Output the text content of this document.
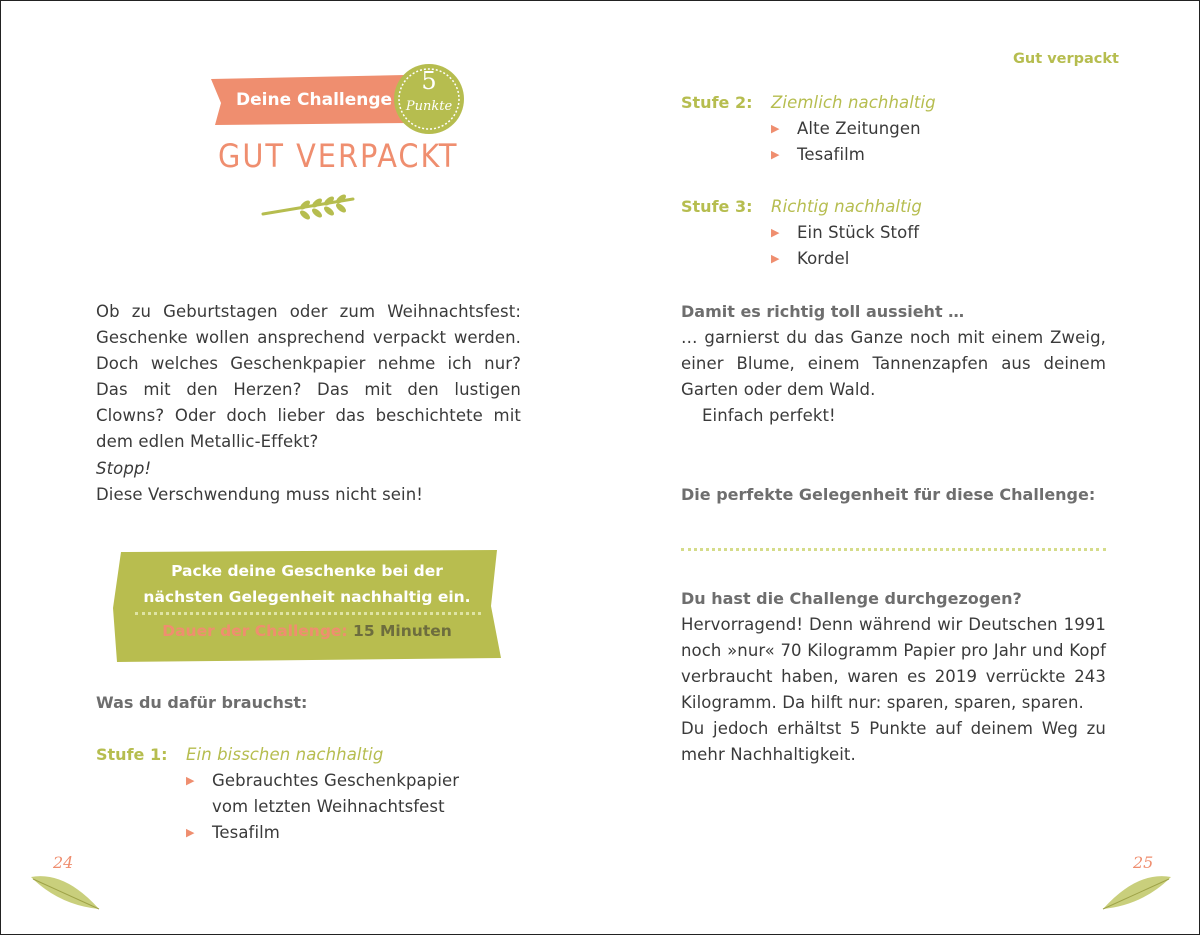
Gut verpackt
Deine Challenge
5
Punkte
GUT VERPACKT
Ob zu Geburtstagen oder zum Weihnachtsfest: Geschenke wollen ansprechend verpackt werden. Doch welches Geschenkpapier nehme ich nur? Das mit den Herzen? Das mit den lustigen Clowns? Oder doch lieber das beschichtete mit dem edlen Metallic-Effekt?
Stopp!
Diese Verschwendung muss nicht sein!
Packe deine Geschenke bei der
nächsten Gelegenheit nachhaltig ein.
Dauer der Challenge: 15 Minuten
Was du dafür brauchst:
Stufe 1: Ein bisschen nachhaltig
▶ Gebrauchtes Geschenkpapier
vom letzten Weihnachtsfest
▶ Tesafilm
Stufe 2: Ziemlich nachhaltig
▶ Alte Zeitungen
▶ Tesafilm
Stufe 3: Richtig nachhaltig
▶ Ein Stück Stoff
▶ Kordel
Damit es richtig toll aussieht …
… garnierst du das Ganze noch mit einem Zweig, einer Blume, einem Tannenzapfen aus deinem Garten oder dem Wald.
Einfach perfekt!
Die perfekte Gelegenheit für diese Challenge:
Du hast die Challenge durchgezogen?
Hervorragend! Denn während wir Deutschen 1991 noch »nur« 70 Kilogramm Papier pro Jahr und Kopf verbraucht haben, waren es 2019 verrückte 243 Kilogramm. Da hilft nur: sparen, sparen, sparen.
Du jedoch erhältst 5 Punkte auf deinem Weg zu mehr Nachhaltigkeit.
24	25
